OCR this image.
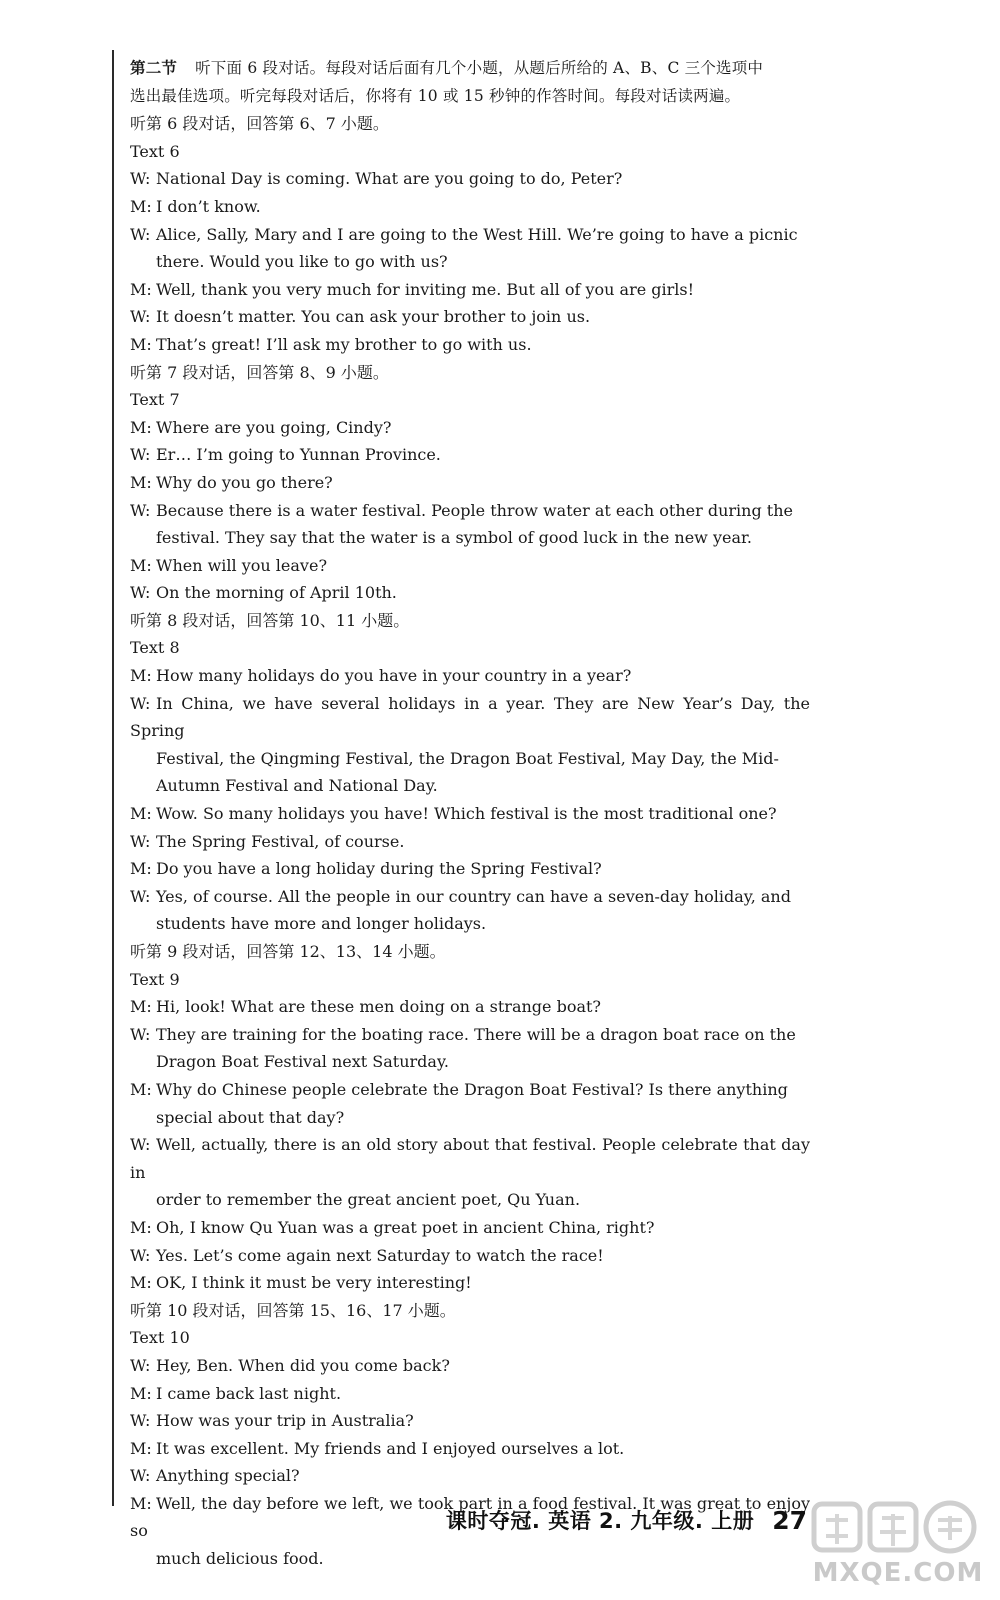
第二节 听下面 6 段对话。每段对话后面有几个小题，从题后所给的 A、B、C 三个选项中

选出最佳选项。听完每段对话后，你将有 10 或 15 秒钟的作答时间。每段对话读两遍。

听第 6 段对话，回答第 6、7 小题。

Text 6

W: National Day is coming. What are you going to do, Peter?

M: I don’t know.

W: Alice, Sally, Mary and I are going to the West Hill. We’re going to have a picnic

there. Would you like to go with us?

M: Well, thank you very much for inviting me. But all of you are girls!

W: It doesn’t matter. You can ask your brother to join us.

M: That’s great! I’ll ask my brother to go with us.

听第 7 段对话，回答第 8、9 小题。

Text 7

M: Where are you going, Cindy?

W: Er… I’m going to Yunnan Province.

M: Why do you go there?

W: Because there is a water festival. People throw water at each other during the

festival. They say that the water is a symbol of good luck in the new year.

M: When will you leave?

W: On the morning of April 10th.

听第 8 段对话，回答第 10、11 小题。

Text 8

M: How many holidays do you have in your country in a year?

W: In China, we have several holidays in a year. They are New Year’s Day, the Spring

Festival, the Qingming Festival, the Dragon Boat Festival, May Day, the Mid-

Autumn Festival and National Day.

M: Wow. So many holidays you have! Which festival is the most traditional one?

W: The Spring Festival, of course.

M: Do you have a long holiday during the Spring Festival?

W: Yes, of course. All the people in our country can have a seven-day holiday, and

students have more and longer holidays.

听第 9 段对话，回答第 12、13、14 小题。

Text 9

M: Hi, look! What are these men doing on a strange boat?

W: They are training for the boating race. There will be a dragon boat race on the

Dragon Boat Festival next Saturday.

M: Why do Chinese people celebrate the Dragon Boat Festival? Is there anything

special about that day?

W: Well, actually, there is an old story about that festival. People celebrate that day in

order to remember the great ancient poet, Qu Yuan.

M: Oh, I know Qu Yuan was a great poet in ancient China, right?

W: Yes. Let’s come again next Saturday to watch the race!

M: OK, I think it must be very interesting!

听第 10 段对话，回答第 15、16、17 小题。

Text 10

W: Hey, Ben. When did you come back?

M: I came back last night.

W: How was your trip in Australia?

M: It was excellent. My friends and I enjoyed ourselves a lot.

W: Anything special?

M: Well, the day before we left, we took part in a food festival. It was great to enjoy so

much delicious food.

课时夺冠. 英语 2. 九年级. 上册 27
MXQE.COM
